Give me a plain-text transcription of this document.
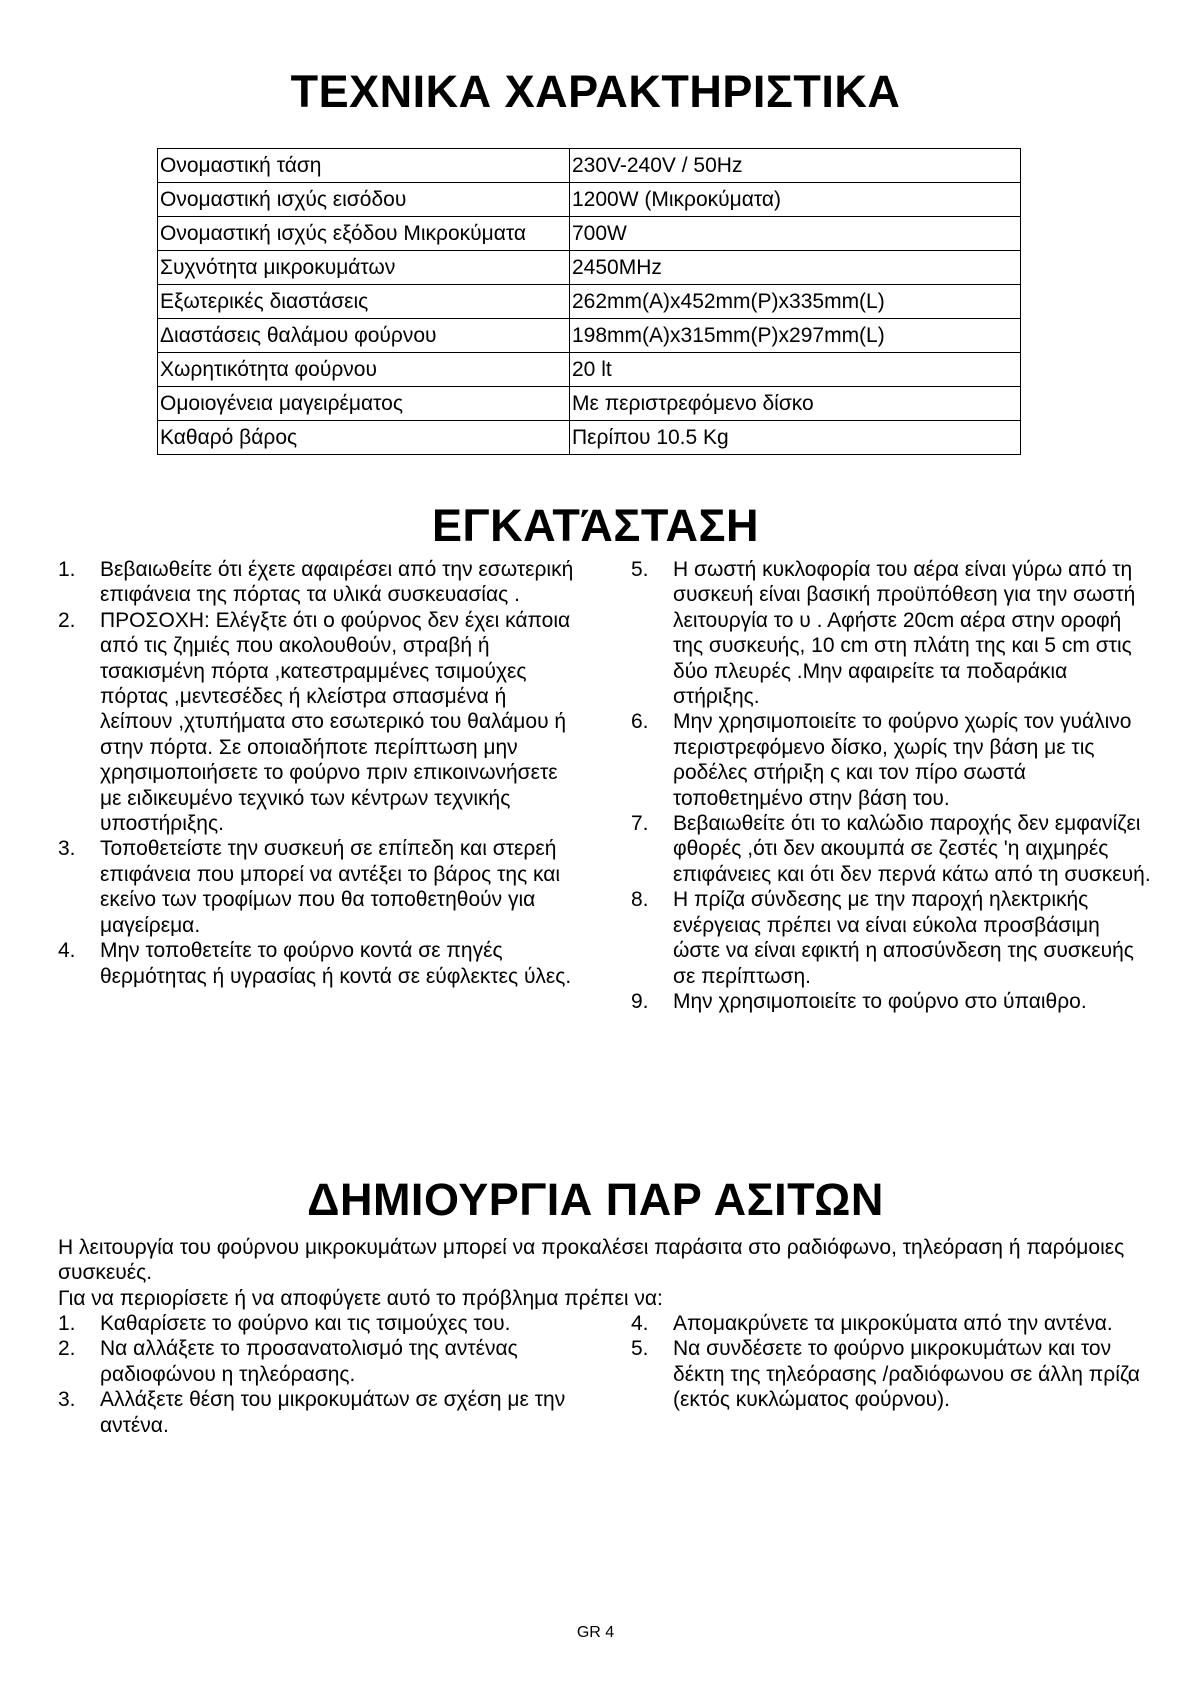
ΤΕΧΝΙΚΑ ΧΑΡΑΚΤΗΡΙΣΤΙΚΑ
Ονομαστική τάση	230V-240V / 50Hz
Ονομαστική ισχύς εισόδου	1200W (Μικροκύματα)
Ονομαστική ισχύς εξόδου Μικροκύματα	700W
Συχνότητα μικροκυμάτων	2450MHz
Εξωτερικές διαστάσεις	262mm(A)x452mm(P)x335mm(L)
Διαστάσεις θαλάμου φούρνου	198mm(A)x315mm(P)x297mm(L)
Χωρητικότητα φούρνου	20 lt
Ομοιογένεια μαγειρέματος	Με περιστρεφόμενο δίσκο
Καθαρό βάρος	Περίπου 10.5 Kg
ΕΓΚΑΤΆΣΤΑΣΗ
1. Βεβαιωθείτε ότι έχετε αφαιρέσει από την εσωτερική επιφάνεια της πόρτας τα υλικά συσκευασίας .
2. ΠΡΟΣΟΧΗ: Ελέγξτε ότι ο φούρνος δεν έχει κάποια από τις ζημιές που ακολουθούν, στραβή ή τσακισμένη πόρτα ,κατεστραμμένες τσιμούχες πόρτας ,μεντεσέδες ή κλείστρα σπασμένα ή λείπουν ,χτυπήματα στο εσωτερικό του θαλάμου ή στην πόρτα. Σε οποιαδήποτε περίπτωση μην χρησιμοποιήσετε το φούρνο πριν επικοινωνήσετε με ειδικευμένο τεχνικό των κέντρων τεχνικής υποστήριξης.
3. Τοποθετείστε την συσκευή σε επίπεδη και στερεή επιφάνεια που μπορεί να αντέξει το βάρος της και εκείνο των τροφίμων που θα τοποθετηθούν για μαγείρεμα.
4. Μην τοποθετείτε το φούρνο κοντά σε πηγές θερμότητας ή υγρασίας ή κοντά σε εύφλεκτες ύλες.
5. Η σωστή κυκλοφορία του αέρα είναι γύρω από τη συσκευή είναι βασική προϋπόθεση για την σωστή λειτουργία το υ . Αφήστε 20cm αέρα στην οροφή της συσκευής, 10 cm στη πλάτη της και 5 cm στις δύο πλευρές .Μην αφαιρείτε τα ποδαράκια στήριξης.
6. Μην χρησιμοποιείτε το φούρνο χωρίς τον γυάλινο περιστρεφόμενο δίσκο, χωρίς την βάση με τις ροδέλες στήριξη ς και τον πίρο σωστά τοποθετημένο στην βάση του.
7. Βεβαιωθείτε ότι το καλώδιο παροχής δεν εμφανίζει φθορές ,ότι δεν ακουμπά σε ζεστές 'η αιχμηρές επιφάνειες και ότι δεν περνά κάτω από τη συσκευή.
8. Η πρίζα σύνδεσης με την παροχή ηλεκτρικής ενέργειας πρέπει να είναι εύκολα προσβάσιμη ώστε να είναι εφικτή η αποσύνδεση της συσκευής σε περίπτωση.
9. Μην χρησιμοποιείτε το φούρνο στο ύπαιθρο.
ΔΗΜΙΟΥΡΓΙΑ ΠΑΡ ΑΣΙΤΩΝ

Η λειτουργία του φούρνου μικροκυμάτων μπορεί να προκαλέσει παράσιτα στο ραδιόφωνο, τηλεόραση ή παρόμοιες συσκευές.

Για να περιορίσετε ή να αποφύγετε αυτό το πρόβλημα πρέπει να:

1. Καθαρίσετε το φούρνο και τις τσιμούχες του.
2. Να αλλάξετε το προσανατολισμό της αντένας ραδιοφώνου η τηλεόρασης.
3. Αλλάξετε θέση του μικροκυμάτων σε σχέση με την αντένα.
4. Απομακρύνετε τα μικροκύματα από την αντένα.
5. Να συνδέσετε το φούρνο μικροκυμάτων και τον δέκτη της τηλεόρασης /ραδιόφωνου σε άλλη πρίζα (εκτός κυκλώματος φούρνου).
GR 4
